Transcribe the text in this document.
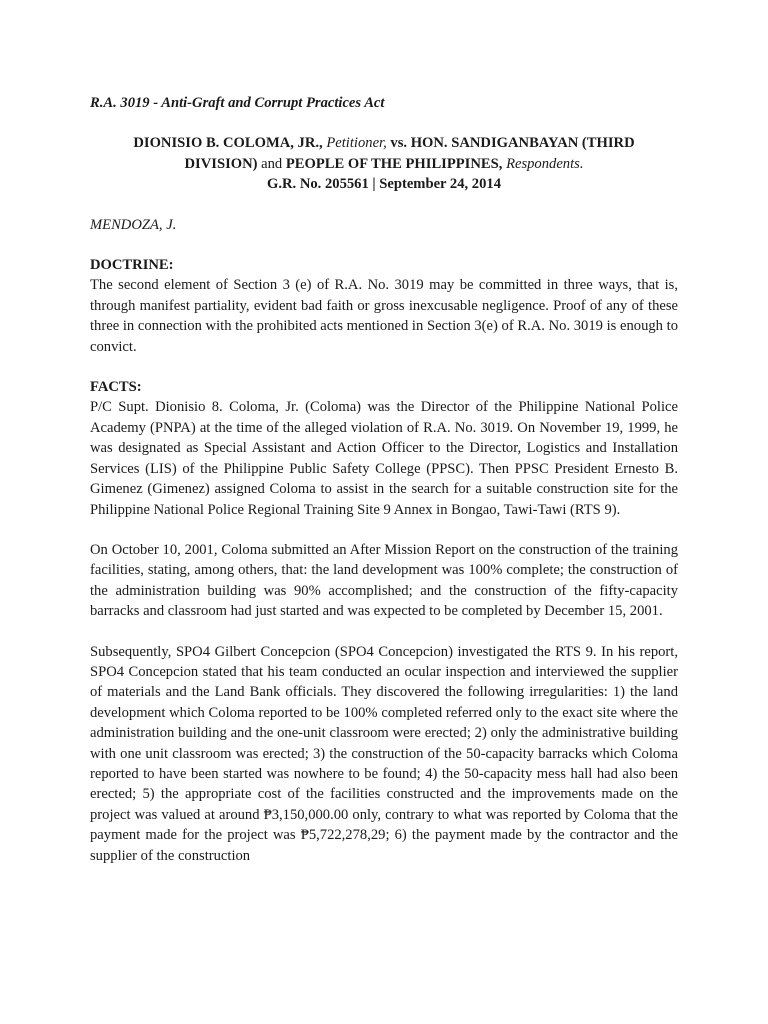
R.A. 3019 - Anti-Graft and Corrupt Practices Act

DIONISIO B. COLOMA, JR., Petitioner, vs. HON. SANDIGANBAYAN (THIRD DIVISION) and PEOPLE OF THE PHILIPPINES, Respondents.

G.R. No. 205561 | September 24, 2014

MENDOZA, J.

DOCTRINE:

The second element of Section 3 (e) of R.A. No. 3019 may be committed in three ways, that is, through manifest partiality, evident bad faith or gross inexcusable negligence. Proof of any of these three in connection with the prohibited acts mentioned in Section 3(e) of R.A. No. 3019 is enough to convict.

FACTS:

P/C Supt. Dionisio 8. Coloma, Jr. (Coloma) was the Director of the Philippine National Police Academy (PNPA) at the time of the alleged violation of R.A. No. 3019. On November 19, 1999, he was designated as Special Assistant and Action Officer to the Director, Logistics and Installation Services (LIS) of the Philippine Public Safety College (PPSC). Then PPSC President Ernesto B. Gimenez (Gimenez) assigned Coloma to assist in the search for a suitable construction site for the Philippine National Police Regional Training Site 9 Annex in Bongao, Tawi-Tawi (RTS 9).

On October 10, 2001, Coloma submitted an After Mission Report on the construction of the training facilities, stating, among others, that: the land development was 100% complete; the construction of the administration building was 90% accomplished; and the construction of the fifty-capacity barracks and classroom had just started and was expected to be completed by December 15, 2001.

Subsequently, SPO4 Gilbert Concepcion (SPO4 Concepcion) investigated the RTS 9. In his report, SPO4 Concepcion stated that his team conducted an ocular inspection and interviewed the supplier of materials and the Land Bank officials. They discovered the following irregularities: 1) the land development which Coloma reported to be 100% completed referred only to the exact site where the administration building and the one-unit classroom were erected; 2) only the administrative building with one unit classroom was erected; 3) the construction of the 50-capacity barracks which Coloma reported to have been started was nowhere to be found; 4) the 50-capacity mess hall had also been erected; 5) the appropriate cost of the facilities constructed and the improvements made on the project was valued at around ₱3,150,000.00 only, contrary to what was reported by Coloma that the payment made for the project was ₱5,722,278,29; 6) the payment made by the contractor and the supplier of the construction
